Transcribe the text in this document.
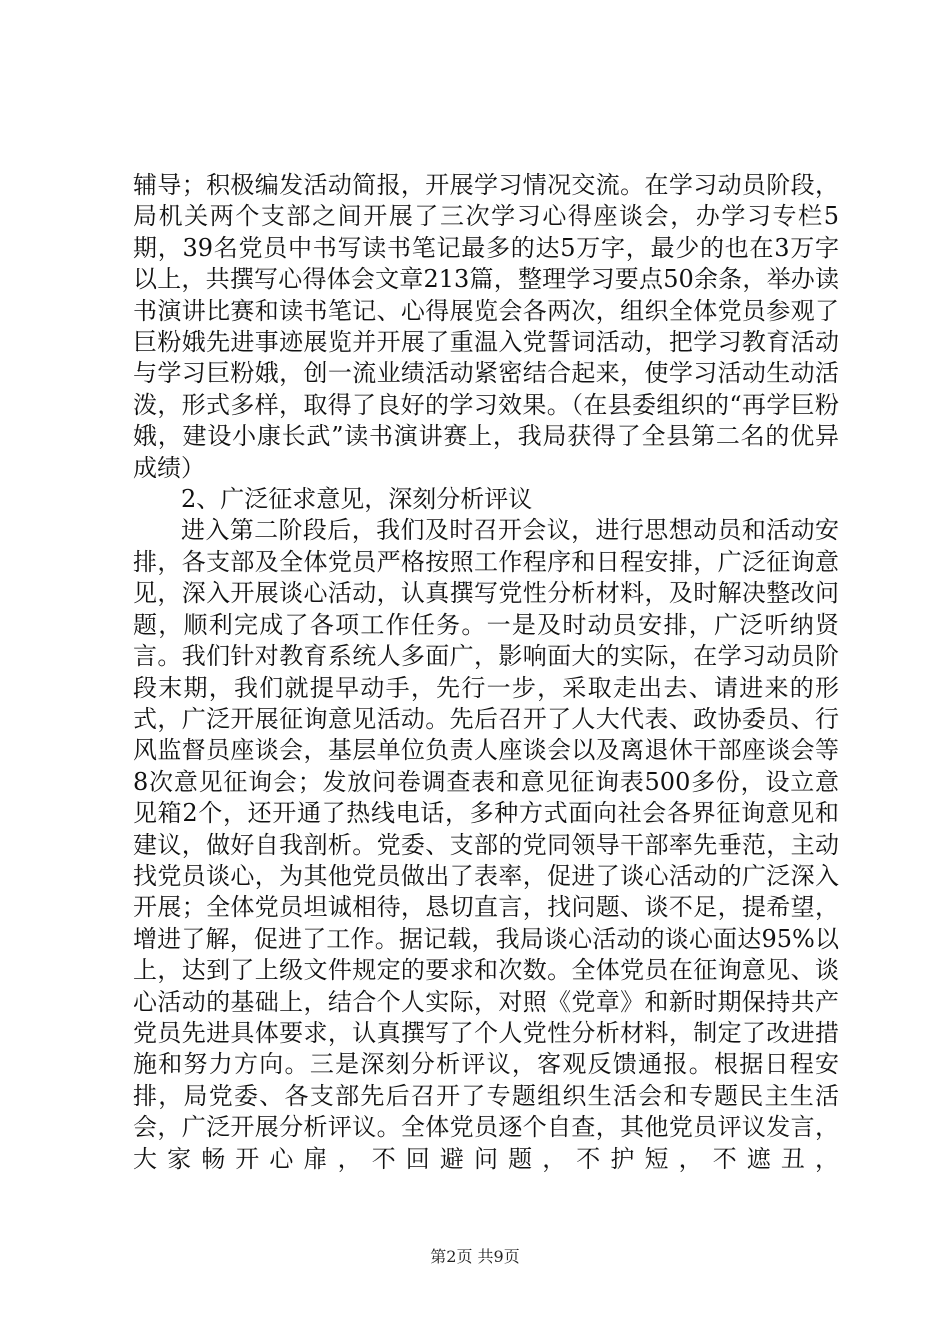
辅导；积极编发活动简报，开展学习情况交流。在学习动员阶段，局机关两个支部之间开展了三次学习心得座谈会，办学习专栏5期，39名党员中书写读书笔记最多的达5万字，最少的也在3万字以上，共撰写心得体会文章213篇，整理学习要点50余条，举办读书演讲比赛和读书笔记、心得展览会各两次，组织全体党员参观了巨粉娥先进事迹展览并开展了重温入党誓词活动，把学习教育活动与学习巨粉娥，创一流业绩活动紧密结合起来，使学习活动生动活泼，形式多样，取得了良好的学习效果。（在县委组织的“再学巨粉娥，建设小康长武”读书演讲赛上，我局获得了全县第二名的优异成绩）

2、广泛征求意见，深刻分析评议

进入第二阶段后，我们及时召开会议，进行思想动员和活动安排，各支部及全体党员严格按照工作程序和日程安排，广泛征询意见，深入开展谈心活动，认真撰写党性分析材料，及时解决整改问题，顺利完成了各项工作任务。一是及时动员安排，广泛听纳贤言。我们针对教育系统人多面广，影响面大的实际，在学习动员阶段末期，我们就提早动手，先行一步，采取走出去、请进来的形式，广泛开展征询意见活动。先后召开了人大代表、政协委员、行风监督员座谈会，基层单位负责人座谈会以及离退休干部座谈会等8次意见征询会；发放问卷调查表和意见征询表500多份，设立意见箱2个，还开通了热线电话，多种方式面向社会各界征询意见和建议，做好自我剖析。党委、支部的党同领导干部率先垂范，主动找党员谈心，为其他党员做出了表率，促进了谈心活动的广泛深入开展；全体党员坦诚相待，恳切直言，找问题、谈不足，提希望，增进了解，促进了工作。据记载，我局谈心活动的谈心面达95%以上，达到了上级文件规定的要求和次数。全体党员在征询意见、谈心活动的基础上，结合个人实际，对照《党章》和新时期保持共产党员先进具体要求，认真撰写了个人党性分析材料，制定了改进措施和努力方向。三是深刻分析评议，客观反馈通报。根据日程安排，局党委、各支部先后召开了专题组织生活会和专题民主生活会，广泛开展分析评议。全体党员逐个自查，其他党员评议发言，大家畅开心扉，不回避问题，不护短，不遮丑，

第2页 共9页
